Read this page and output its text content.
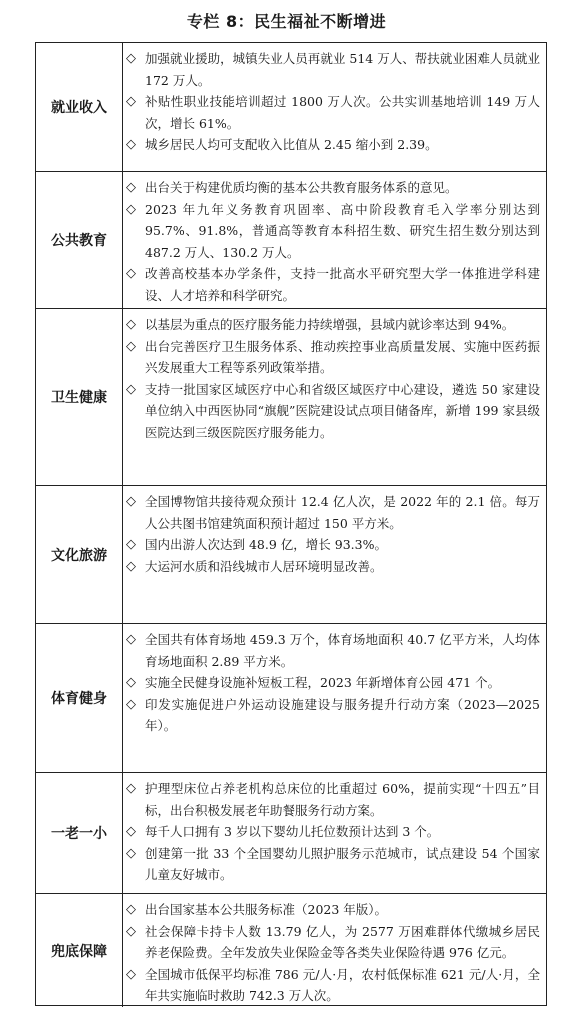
专栏 8：民生福祉不断增进
就业收入
◇ 加强就业援助，城镇失业人员再就业 514 万人、帮扶就业困难人员就业 172 万人。
◇ 补贴性职业技能培训超过 1800 万人次。公共实训基地培训 149 万人次，增长 61%。
◇ 城乡居民人均可支配收入比值从 2.45 缩小到 2.39。
公共教育
◇ 出台关于构建优质均衡的基本公共教育服务体系的意见。
◇ 2023 年九年义务教育巩固率、高中阶段教育毛入学率分别达到 95.7%、91.8%，普通高等教育本科招生数、研究生招生数分别达到 487.2 万人、130.2 万人。
◇ 改善高校基本办学条件，支持一批高水平研究型大学一体推进学科建设、人才培养和科学研究。
卫生健康
◇ 以基层为重点的医疗服务能力持续增强，县域内就诊率达到 94%。
◇ 出台完善医疗卫生服务体系、推动疾控事业高质量发展、实施中医药振兴发展重大工程等系列政策举措。
◇ 支持一批国家区域医疗中心和省级区域医疗中心建设，遴选 50 家建设单位纳入中西医协同“旗舰”医院建设试点项目储备库，新增 199 家县级医院达到三级医院医疗服务能力。
文化旅游
◇ 全国博物馆共接待观众预计 12.4 亿人次，是 2022 年的 2.1 倍。每万人公共图书馆建筑面积预计超过 150 平方米。
◇ 国内出游人次达到 48.9 亿，增长 93.3%。
◇ 大运河水质和沿线城市人居环境明显改善。
体育健身
◇ 全国共有体育场地 459.3 万个，体育场地面积 40.7 亿平方米，人均体育场地面积 2.89 平方米。
◇ 实施全民健身设施补短板工程，2023 年新增体育公园 471 个。
◇ 印发实施促进户外运动设施建设与服务提升行动方案（2023—2025 年）。
一老一小
◇ 护理型床位占养老机构总床位的比重超过 60%，提前实现“十四五”目标，出台积极发展老年助餐服务行动方案。
◇ 每千人口拥有 3 岁以下婴幼儿托位数预计达到 3 个。
◇ 创建第一批 33 个全国婴幼儿照护服务示范城市，试点建设 54 个国家儿童友好城市。
兜底保障
◇ 出台国家基本公共服务标准（2023 年版）。
◇ 社会保障卡持卡人数 13.79 亿人，为 2577 万困难群体代缴城乡居民养老保险费。全年发放失业保险金等各类失业保险待遇 976 亿元。
◇ 全国城市低保平均标准 786 元/人·月，农村低保标准 621 元/人·月，全年共实施临时救助 742.3 万人次。
